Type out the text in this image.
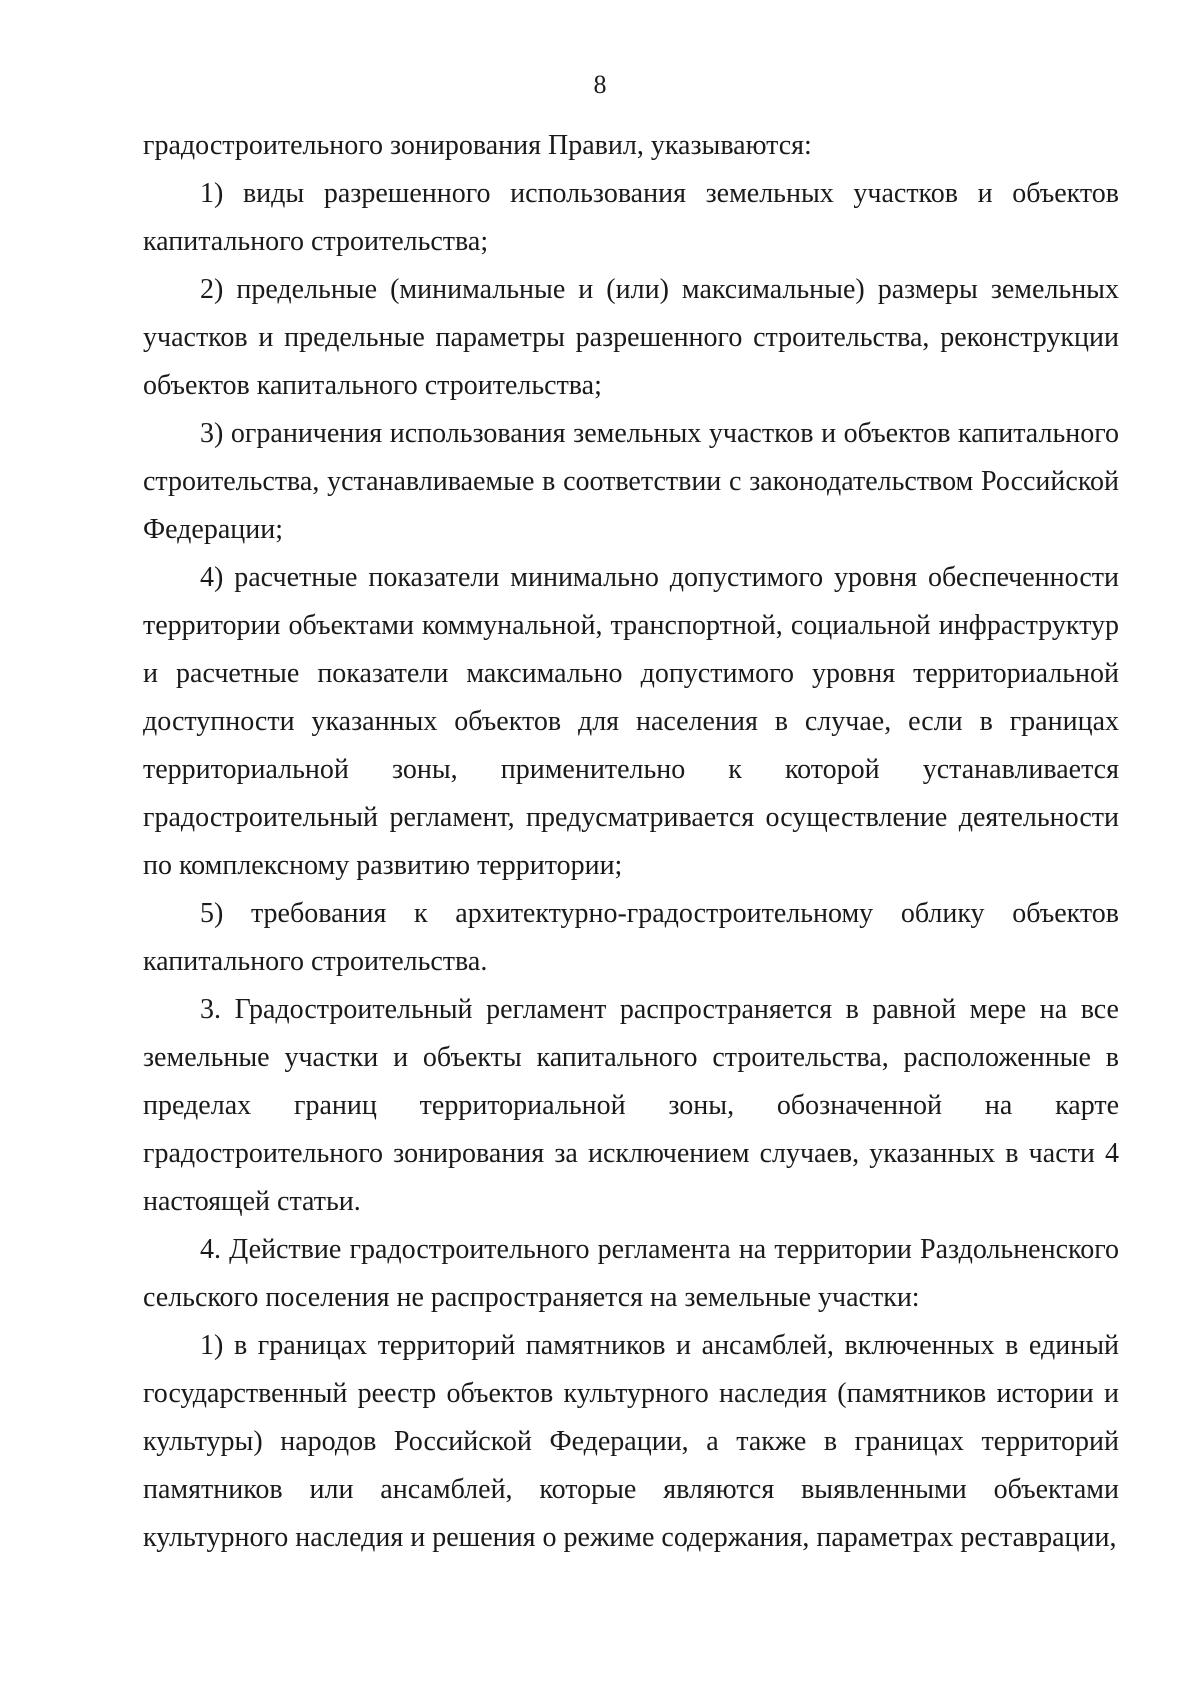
8

градостроительного зонирования Правил, указываются:

1) виды разрешенного использования земельных участков и объектов капитального строительства;

2) предельные (минимальные и (или) максимальные) размеры земельных участков и предельные параметры разрешенного строительства, реконструкции объектов капитального строительства;

3) ограничения использования земельных участков и объектов капитального строительства, устанавливаемые в соответствии с законодательством Российской Федерации;

4) расчетные показатели минимально допустимого уровня обеспеченности территории объектами коммунальной, транспортной, социальной инфраструктур и расчетные показатели максимально допустимого уровня территориальной доступности указанных объектов для населения в случае, если в границах территориальной зоны, применительно к которой устанавливается градостроительный регламент, предусматривается осуществление деятельности по комплексному развитию территории;

5) требования к архитектурно-градостроительному облику объектов капитального строительства.

3. Градостроительный регламент распространяется в равной мере на все земельные участки и объекты капитального строительства, расположенные в пределах границ территориальной зоны, обозначенной на карте градостроительного зонирования за исключением случаев, указанных в части 4 настоящей статьи.

4. Действие градостроительного регламента на территории Раздольненского сельского поселения не распространяется на земельные участки:

1) в границах территорий памятников и ансамблей, включенных в единый государственный реестр объектов культурного наследия (памятников истории и культуры) народов Российской Федерации, а также в границах территорий памятников или ансамблей, которые являются выявленными объектами культурного наследия и решения о режиме содержания, параметрах реставрации,
